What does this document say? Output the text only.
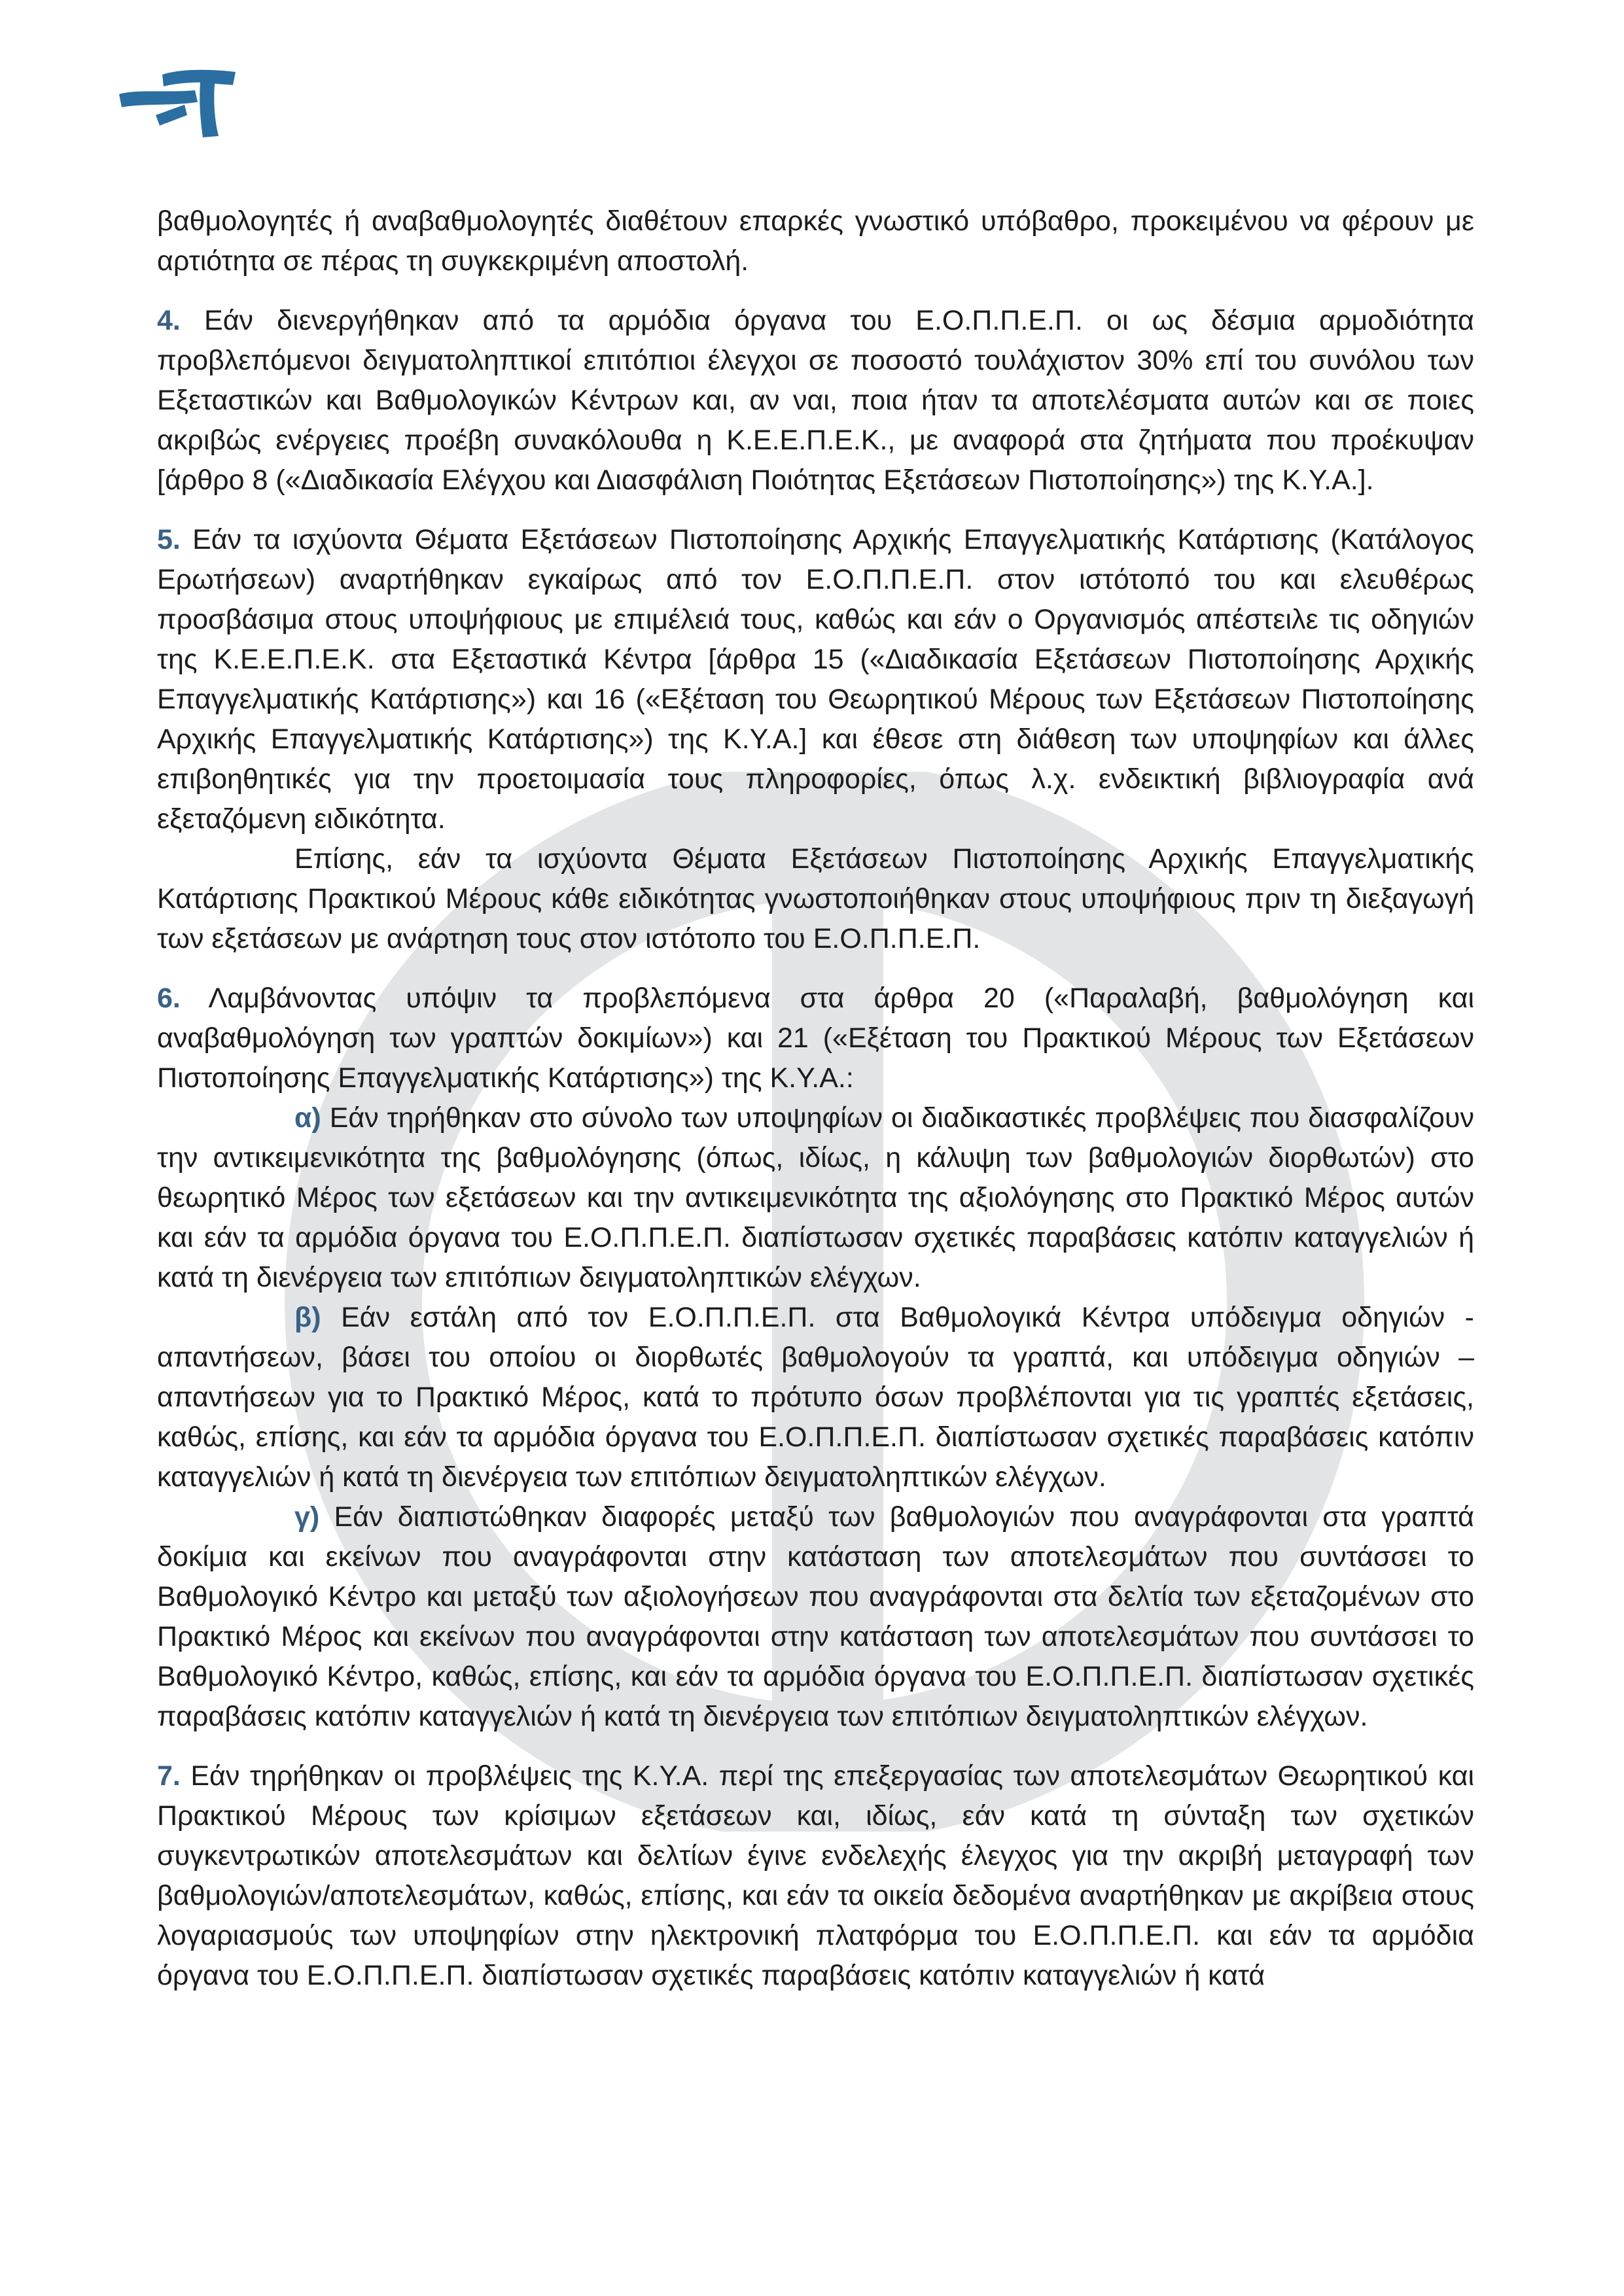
βαθμολογητές ή αναβαθμολογητές διαθέτουν επαρκές γνωστικό υπόβαθρο, προκειμένου να φέρουν με αρτιότητα σε πέρας τη συγκεκριμένη αποστολή.

4. Εάν διενεργήθηκαν από τα αρμόδια όργανα του Ε.Ο.Π.Π.Ε.Π. οι ως δέσμια αρμοδιότητα προβλεπόμενοι δειγματοληπτικοί επιτόπιοι έλεγχοι σε ποσοστό τουλάχιστον 30% επί του συνόλου των Εξεταστικών και Βαθμολογικών Κέντρων και, αν ναι, ποια ήταν τα αποτελέσματα αυτών και σε ποιες ακριβώς ενέργειες προέβη συνακόλουθα η Κ.Ε.Ε.Π.Ε.Κ., με αναφορά στα ζητήματα που προέκυψαν [άρθρο 8 («Διαδικασία Ελέγχου και Διασφάλιση Ποιότητας Εξετάσεων Πιστοποίησης») της Κ.Υ.Α.].

5. Εάν τα ισχύοντα Θέματα Εξετάσεων Πιστοποίησης Αρχικής Επαγγελματικής Κατάρτισης (Κατάλογος Ερωτήσεων) αναρτήθηκαν εγκαίρως από τον Ε.Ο.Π.Π.Ε.Π. στον ιστότοπό του και ελευθέρως προσβάσιμα στους υποψήφιους με επιμέλειά τους, καθώς και εάν ο Οργανισμός απέστειλε τις οδηγιών της Κ.Ε.Ε.Π.Ε.Κ. στα Εξεταστικά Κέντρα [άρθρα 15 («Διαδικασία Εξετάσεων Πιστοποίησης Αρχικής Επαγγελματικής Κατάρτισης») και 16 («Εξέταση του Θεωρητικού Μέρους των Εξετάσεων Πιστοποίησης Αρχικής Επαγγελματικής Κατάρτισης») της Κ.Υ.Α.] και έθεσε στη διάθεση των υποψηφίων και άλλες επιβοηθητικές για την προετοιμασία τους πληροφορίες, όπως λ.χ. ενδεικτική βιβλιογραφία ανά εξεταζόμενη ειδικότητα.

Επίσης, εάν τα ισχύοντα Θέματα Εξετάσεων Πιστοποίησης Αρχικής Επαγγελματικής Κατάρτισης Πρακτικού Μέρους κάθε ειδικότητας γνωστοποιήθηκαν στους υποψήφιους πριν τη διεξαγωγή των εξετάσεων με ανάρτηση τους στον ιστότοπο του Ε.Ο.Π.Π.Ε.Π.

6. Λαμβάνοντας υπόψιν τα προβλεπόμενα στα άρθρα 20 («Παραλαβή, βαθμολόγηση και αναβαθμολόγηση των γραπτών δοκιμίων») και 21 («Εξέταση του Πρακτικού Μέρους των Εξετάσεων Πιστοποίησης Επαγγελματικής Κατάρτισης») της Κ.Υ.Α.:

α) Εάν τηρήθηκαν στο σύνολο των υποψηφίων οι διαδικαστικές προβλέψεις που διασφαλίζουν την αντικειμενικότητα της βαθμολόγησης (όπως, ιδίως, η κάλυψη των βαθμολογιών διορθωτών) στο θεωρητικό Μέρος των εξετάσεων και την αντικειμενικότητα της αξιολόγησης στο Πρακτικό Μέρος αυτών και εάν τα αρμόδια όργανα του Ε.Ο.Π.Π.Ε.Π. διαπίστωσαν σχετικές παραβάσεις κατόπιν καταγγελιών ή κατά τη διενέργεια των επιτόπιων δειγματοληπτικών ελέγχων.

β) Εάν εστάλη από τον Ε.Ο.Π.Π.Ε.Π. στα Βαθμολογικά Κέντρα υπόδειγμα οδηγιών - απαντήσεων, βάσει του οποίου οι διορθωτές βαθμολογούν τα γραπτά, και υπόδειγμα οδηγιών – απαντήσεων για το Πρακτικό Μέρος, κατά το πρότυπο όσων προβλέπονται για τις γραπτές εξετάσεις, καθώς, επίσης, και εάν τα αρμόδια όργανα του Ε.Ο.Π.Π.Ε.Π. διαπίστωσαν σχετικές παραβάσεις κατόπιν καταγγελιών ή κατά τη διενέργεια των επιτόπιων δειγματοληπτικών ελέγχων.

γ) Εάν διαπιστώθηκαν διαφορές μεταξύ των βαθμολογιών που αναγράφονται στα γραπτά δοκίμια και εκείνων που αναγράφονται στην κατάσταση των αποτελεσμάτων που συντάσσει το Βαθμολογικό Κέντρο και μεταξύ των αξιολογήσεων που αναγράφονται στα δελτία των εξεταζομένων στο Πρακτικό Μέρος και εκείνων που αναγράφονται στην κατάσταση των αποτελεσμάτων που συντάσσει το Βαθμολογικό Κέντρο, καθώς, επίσης, και εάν τα αρμόδια όργανα του Ε.Ο.Π.Π.Ε.Π. διαπίστωσαν σχετικές παραβάσεις κατόπιν καταγγελιών ή κατά τη διενέργεια των επιτόπιων δειγματοληπτικών ελέγχων.

7. Εάν τηρήθηκαν οι προβλέψεις της Κ.Υ.Α. περί της επεξεργασίας των αποτελεσμάτων Θεωρητικού και Πρακτικού Μέρους των κρίσιμων εξετάσεων και, ιδίως, εάν κατά τη σύνταξη των σχετικών συγκεντρωτικών αποτελεσμάτων και δελτίων έγινε ενδελεχής έλεγχος για την ακριβή μεταγραφή των βαθμολογιών/αποτελεσμάτων, καθώς, επίσης, και εάν τα οικεία δεδομένα αναρτήθηκαν με ακρίβεια στους λογαριασμούς των υποψηφίων στην ηλεκτρονική πλατφόρμα του Ε.Ο.Π.Π.Ε.Π. και εάν τα αρμόδια όργανα του Ε.Ο.Π.Π.Ε.Π. διαπίστωσαν σχετικές παραβάσεις κατόπιν καταγγελιών ή κατά
